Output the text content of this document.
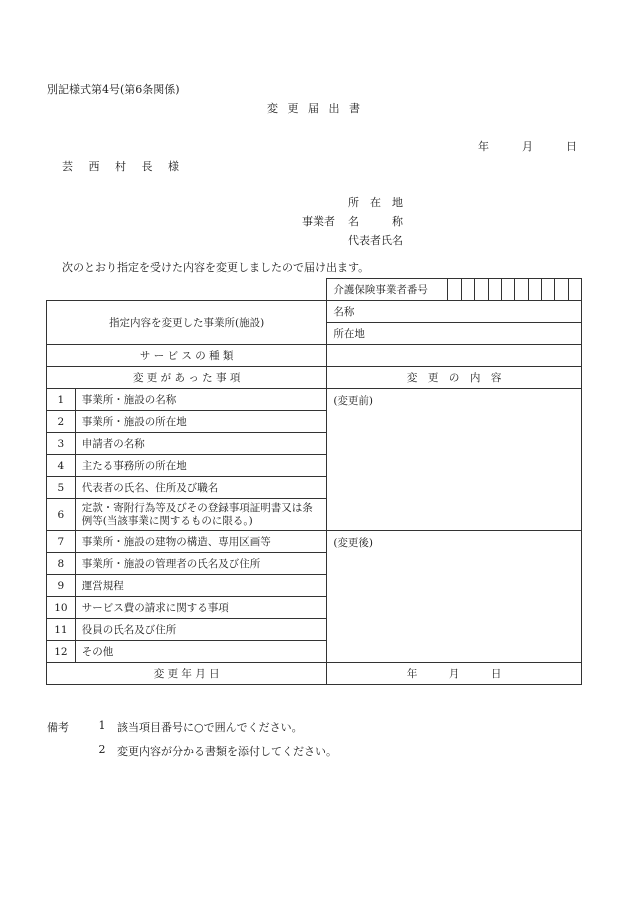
別記様式第4号(第6条関係)
変 更 届 出 書
年	月	日
芸 西 村 長 様
所　在　地
事業者	名　　　称
代表者氏名
次のとおり指定を受けた内容を変更しましたので届け出ます。
		介護保険事業者番号										
指定内容を変更した事業所(施設)		名称										
		所在地										
サ ー ビ ス の 種 類												
変 更 が あ っ た 事 項		変　更　の　内　容										
1	事業所・施設の名称	(変更前)										
2	事業所・施設の所在地											
3	申請者の名称											
4	主たる事務所の所在地											
5	代表者の氏名、住所及び職名											
6	定款・寄附行為等及びその登録事項証明書又は条例等(当該事業に関するものに限る。)											
7	事業所・施設の建物の構造、専用区画等	(変更後)										
8	事業所・施設の管理者の氏名及び住所											
9	運営規程											
10	サービス費の請求に関する事項											
11	役員の氏名及び住所											
12	その他											
変 更 年 月 日		年　　　月　　　日										
備考	1	該当項目番号に○で囲んでください。
2	変更内容が分かる書類を添付してください。
